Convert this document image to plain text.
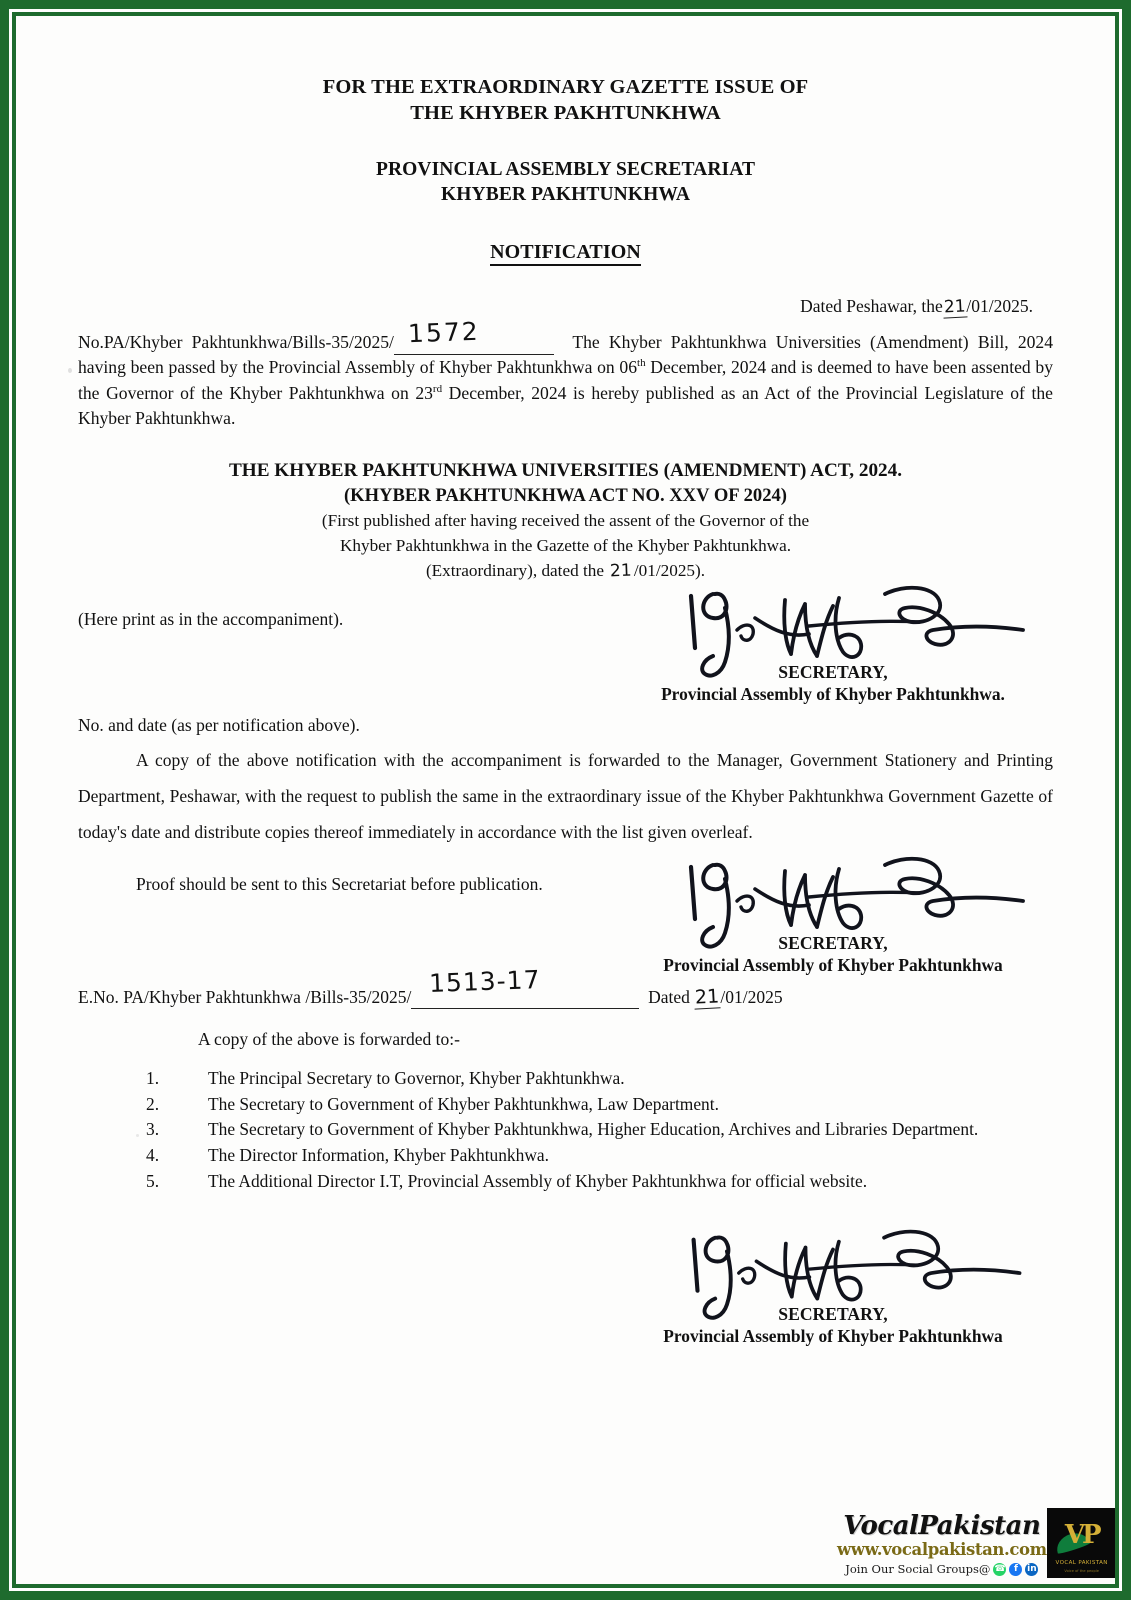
FOR THE EXTRAORDINARY GAZETTE ISSUE OF
THE KHYBER PAKHTUNKHWA
PROVINCIAL ASSEMBLY SECRETARIAT
KHYBER PAKHTUNKHWA
NOTIFICATION
Dated Peshawar, the21/01/2025.
No.PA/Khyber Pakhtunkhwa/Bills-35/2025/ 1572	The Khyber Pakhtunkhwa Universities (Amendment) Bill, 2024 having been passed by the Provincial Assembly of Khyber Pakhtunkhwa on 06th December, 2024 and is deemed to have been assented by the Governor of the Khyber Pakhtunkhwa on 23rd December, 2024 is hereby published as an Act of the Provincial Legislature of the Khyber Pakhtunkhwa.
THE KHYBER PAKHTUNKHWA UNIVERSITIES (AMENDMENT) ACT, 2024.
(KHYBER PAKHTUNKHWA ACT NO. XXV OF 2024)
(First published after having received the assent of the Governor of the
Khyber Pakhtunkhwa in the Gazette of the Khyber Pakhtunkhwa.
(Extraordinary), dated the 21/01/2025).
(Here print as in the accompaniment).
SECRETARY,
Provincial Assembly of Khyber Pakhtunkhwa.
No. and date (as per notification above).
A copy of the above notification with the accompaniment is forwarded to the Manager, Government Stationery and Printing Department, Peshawar, with the request to publish the same in the extraordinary issue of the Khyber Pakhtunkhwa Government Gazette of today's date and distribute copies thereof immediately in accordance with the list given overleaf.
Proof should be sent to this Secretariat before publication.
SECRETARY,
Provincial Assembly of Khyber Pakhtunkhwa
E.No. PA/Khyber Pakhtunkhwa /Bills-35/2025/ 1513-17	Dated 21/01/2025
A copy of the above is forwarded to:-
1.	The Principal Secretary to Governor, Khyber Pakhtunkhwa.
2.	The Secretary to Government of Khyber Pakhtunkhwa, Law Department.
3.	The Secretary to Government of Khyber Pakhtunkhwa, Higher Education, Archives and Libraries Department.
4.	The Director Information, Khyber Pakhtunkhwa.
5.	The Additional Director I.T, Provincial Assembly of Khyber Pakhtunkhwa for official website.
SECRETARY,
Provincial Assembly of Khyber Pakhtunkhwa
VocalPakistan
www.vocalpakistan.com
Join Our Social Groups@ ☎ f	in
VP
VOCAL PAKISTAN
Voice of the people
